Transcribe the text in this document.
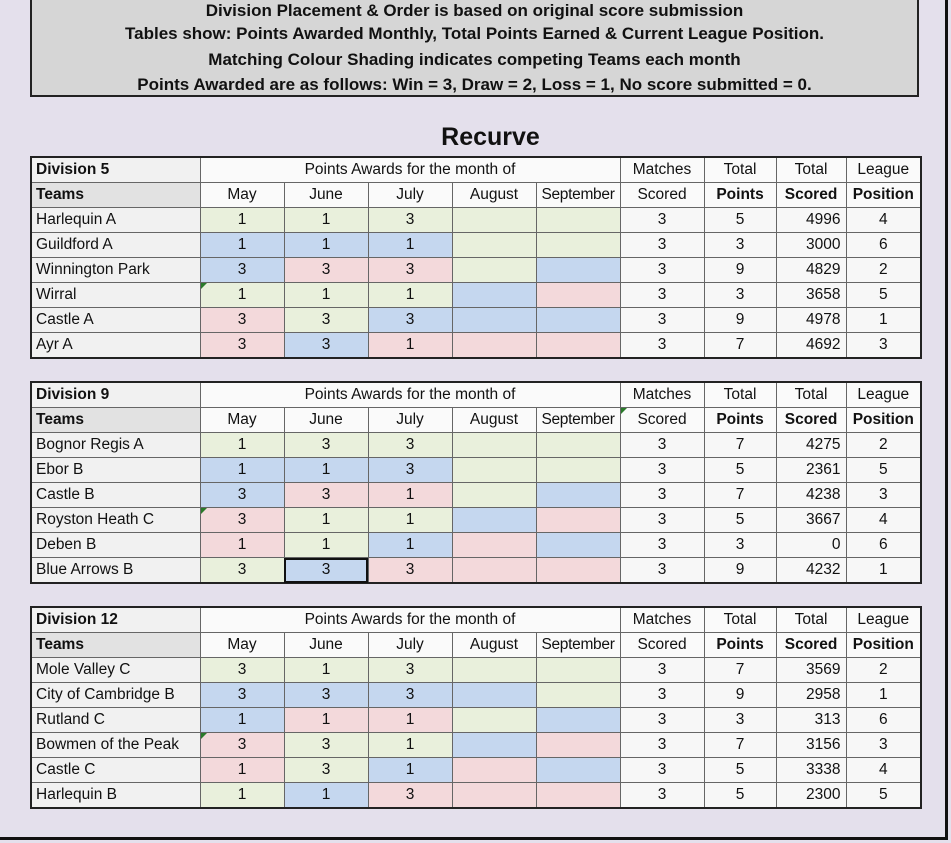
Division Placement & Order is based on original score submission
Tables show: Points Awarded Monthly, Total Points Earned & Current League Position.
Matching Colour Shading indicates competing Teams each month
Points Awarded are as follows: Win = 3, Draw = 2, Loss = 1, No score submitted = 0.
Recurve
Division 5	Points Awards for the month of					Matches	Total	Total	League
Teams	May	June	July	August	September	Scored	Points	Scored	Position
Harlequin A	1	1	3			3	5	4996	4
Guildford A	1	1	1			3	3	3000	6
Winnington Park	3	3	3			3	9	4829	2
Wirral	1	1	1			3	3	3658	5
Castle A	3	3	3			3	9	4978	1
Ayr A	3	3	1			3	7	4692	3
Division 9	Points Awards for the month of					Matches	Total	Total	League
Teams	May	June	July	August	September	Scored	Points	Scored	Position
Bognor Regis A	1	3	3			3	7	4275	2
Ebor B	1	1	3			3	5	2361	5
Castle B	3	3	1			3	7	4238	3
Royston Heath C	3	1	1			3	5	3667	4
Deben B	1	1	1			3	3	0	6
Blue Arrows B	3	3	3			3	9	4232	1
Division 12	Points Awards for the month of					Matches	Total	Total	League
Teams	May	June	July	August	September	Scored	Points	Scored	Position
Mole Valley C	3	1	3			3	7	3569	2
City of Cambridge B	3	3	3			3	9	2958	1
Rutland C	1	1	1			3	3	313	6
Bowmen of the Peak	3	3	1			3	7	3156	3
Castle C	1	3	1			3	5	3338	4
Harlequin B	1	1	3			3	5	2300	5
